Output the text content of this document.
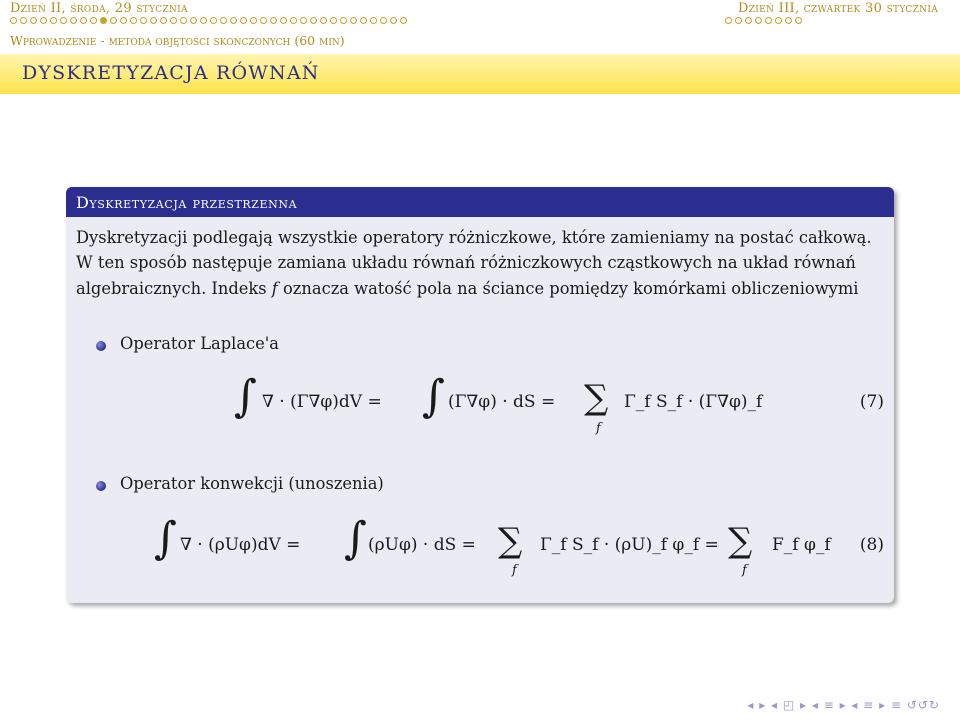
Dzień II, środa, 29 stycznia	Dzień III, czwartek 30 stycznia
Wprowadzenie - metoda objętości skończonych (60 min)
DYSKRETYZACJA RÓWNAŃ
Dyskretyzacja przestrzenna
Dyskretyzacji podlegają wszystkie operatory różniczkowe, które zamieniamy na postać całkową. W ten sposób następuje zamiana układu równań różniczkowych cząstkowych na układ równań algebraicznych. Indeks f oznacza watość pola na ściance pomiędzy komórkami obliczeniowymi
Operator Laplace'a
∫ ∇ · (Γ∇φ)dV = ∫ (Γ∇φ) · dS = ∑
f
Γ_f S_f · (Γ∇φ)_f	(7)
Operator konwekcji (unoszenia)
∫ ∇ · (ρUφ)dV = ∫ (ρUφ) · dS = ∑
f
Γ_f S_f · (ρU)_f φ_f = ∑
f
F_f φ_f (8)
◂ ▸ ◂ ◰ ▸ ◂ ≡ ▸ ◂ ≡ ▸ ≡ ↺↺↻
